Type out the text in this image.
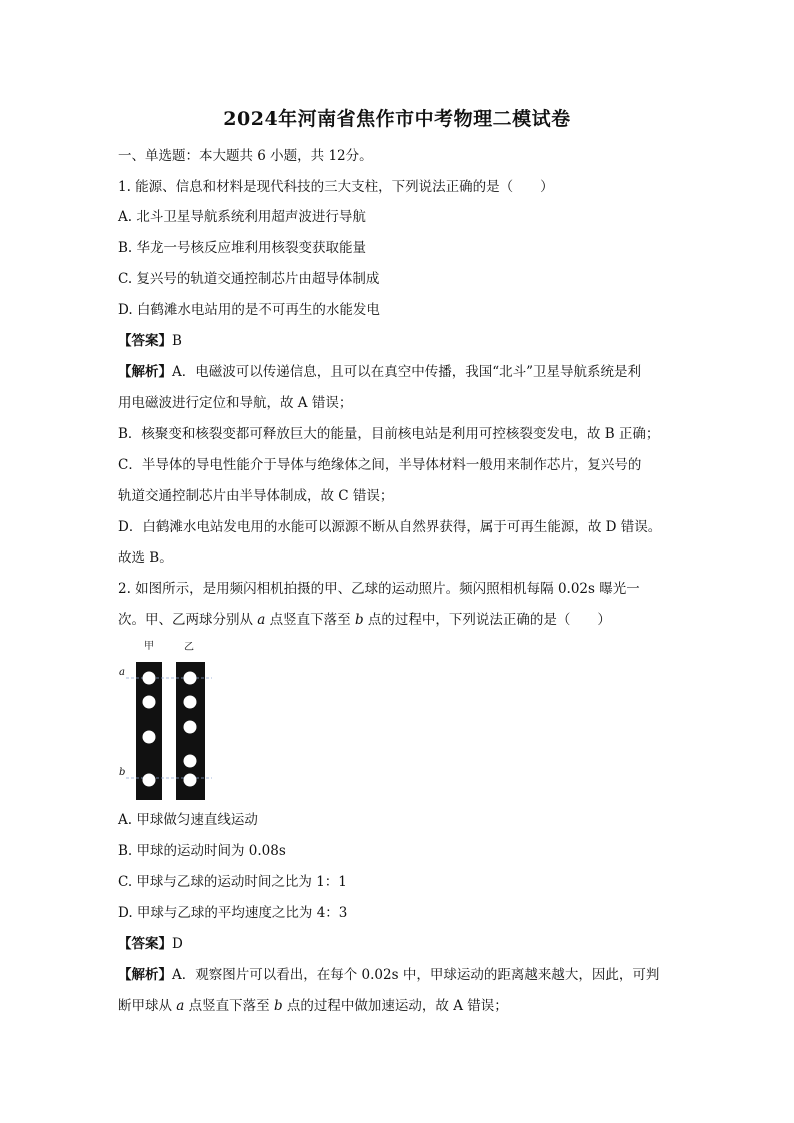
2024年河南省焦作市中考物理二模试卷
一、单选题：本大题共 6 小题，共 12分。
1. 能源、信息和材料是现代科技的三大支柱，下列说法正确的是（　　）
A. 北斗卫星导航系统利用超声波进行导航
B. 华龙一号核反应堆利用核裂变获取能量
C. 复兴号的轨道交通控制芯片由超导体制成
D. 白鹤滩水电站用的是不可再生的水能发电
【答案】B
【解析】A．电磁波可以传递信息，且可以在真空中传播，我国“北斗”卫星导航系统是利
用电磁波进行定位和导航，故 A 错误；
B．核聚变和核裂变都可释放巨大的能量，目前核电站是利用可控核裂变发电，故 B 正确；
C．半导体的导电性能介于导体与绝缘体之间，半导体材料一般用来制作芯片，复兴号的
轨道交通控制芯片由半导体制成，故 C 错误；
D．白鹤滩水电站发电用的水能可以源源不断从自然界获得，属于可再生能源，故 D 错误。
故选 B。
2. 如图所示，是用频闪相机拍摄的甲、乙球的运动照片。频闪照相机每隔 0.02s 曝光一
次。甲、乙两球分别从 a 点竖直下落至 b 点的过程中，下列说法正确的是（　　）
甲	乙
a
b
A. 甲球做匀速直线运动
B. 甲球的运动时间为 0.08s
C. 甲球与乙球的运动时间之比为 1：1
D. 甲球与乙球的平均速度之比为 4：3
【答案】D
【解析】A．观察图片可以看出，在每个 0.02s 中，甲球运动的距离越来越大，因此，可判
断甲球从 a 点竖直下落至 b 点的过程中做加速运动，故 A 错误；
